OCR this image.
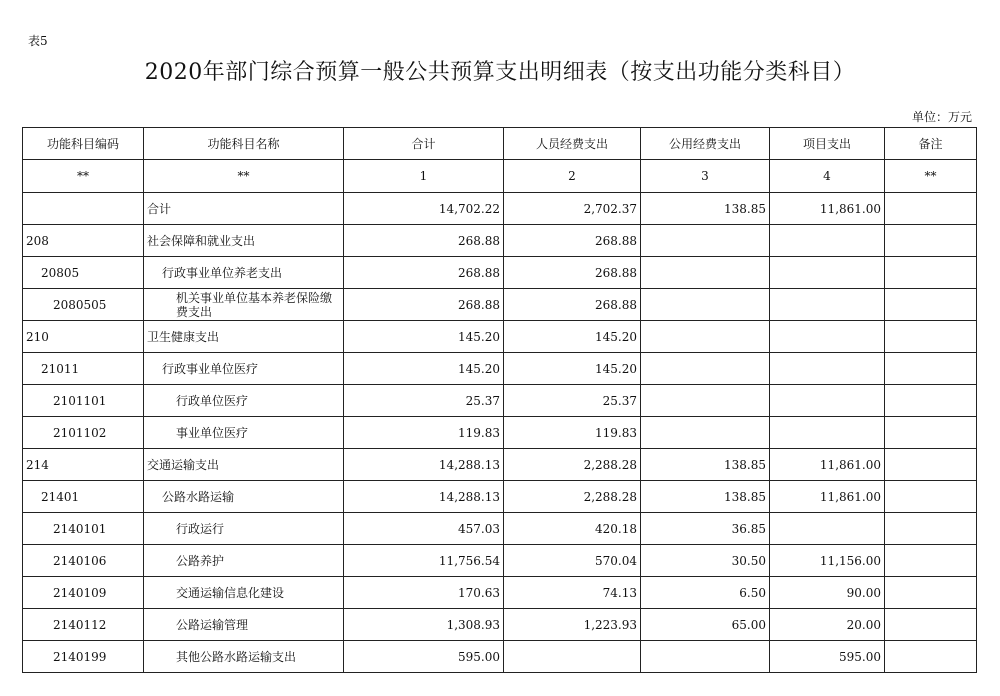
表5
2020年部门综合预算一般公共预算支出明细表（按支出功能分类科目）
单位：万元
功能科目编码	功能科目名称	合计	人员经费支出	公用经费支出	项目支出	备注
**	**	1	2	3	4	**
	合计	14,702.22	2,702.37	138.85	11,861.00	
208	社会保障和就业支出	268.88	268.88			
20805	行政事业单位养老支出	268.88	268.88			
2080505	机关事业单位基本养老保险缴费支出	268.88	268.88			
210	卫生健康支出	145.20	145.20			
21011	行政事业单位医疗	145.20	145.20			
2101101	行政单位医疗	25.37	25.37			
2101102	事业单位医疗	119.83	119.83			
214	交通运输支出	14,288.13	2,288.28	138.85	11,861.00	
21401	公路水路运输	14,288.13	2,288.28	138.85	11,861.00	
2140101	行政运行	457.03	420.18	36.85		
2140106	公路养护	11,756.54	570.04	30.50	11,156.00	
2140109	交通运输信息化建设	170.63	74.13	6.50	90.00	
2140112	公路运输管理	1,308.93	1,223.93	65.00	20.00	
2140199	其他公路水路运输支出	595.00			595.00	
